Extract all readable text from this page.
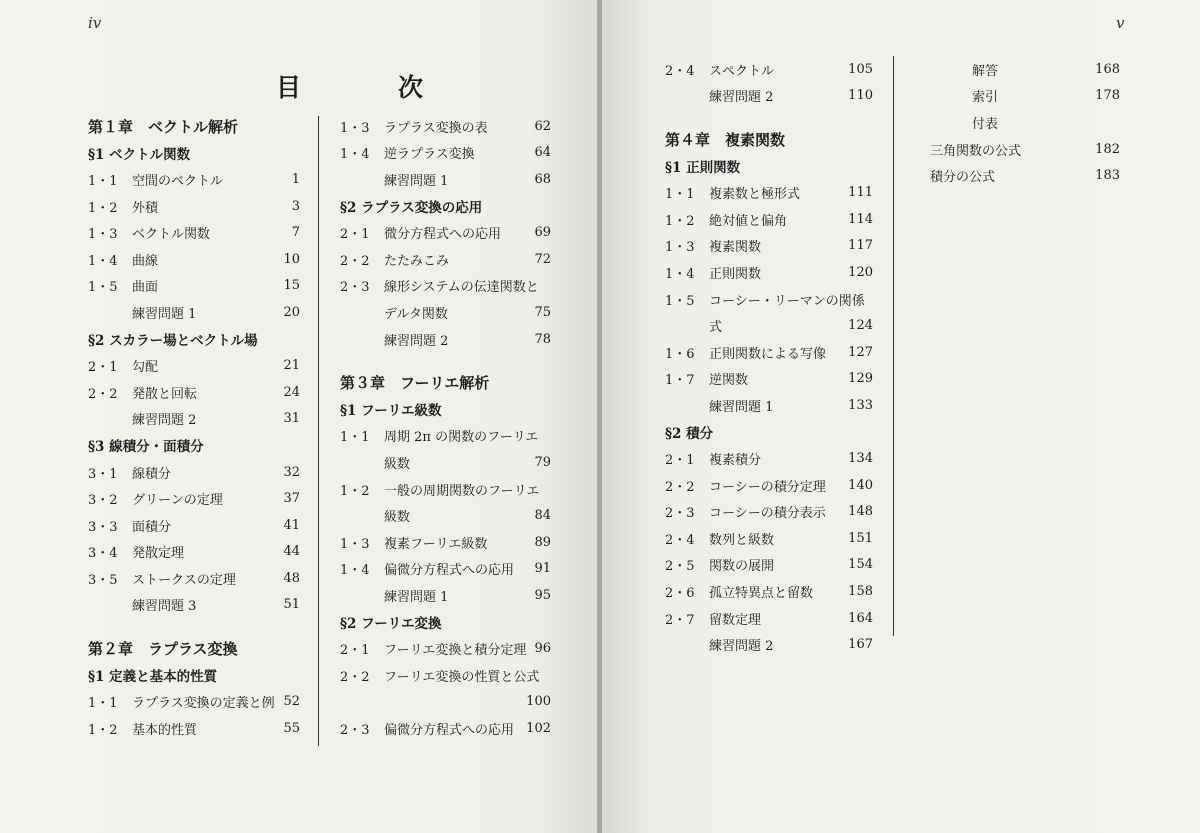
iv
目　次
v
第１章　ベクトル解析
§1 ベクトル関数
1・1	空間のベクトル	1
1・2	外積	3
1・3	ベクトル関数	7
1・4	曲線	10
1・5	曲面	15
練習問題 1	20
§2 スカラー場とベクトル場
2・1	勾配	21
2・2	発散と回転	24
練習問題 2	31
§3 線積分・面積分
3・1	線積分	32
3・2	グリーンの定理	37
3・3	面積分	41
3・4	発散定理	44
3・5	ストークスの定理	48
練習問題 3	51
第２章　ラプラス変換
§1 定義と基本的性質
1・1	ラプラス変換の定義と例 52
1・2	基本的性質	55
1・3	ラプラス変換の表	62
1・4	逆ラプラス変換	64
練習問題 1	68
§2 ラプラス変換の応用
2・1	微分方程式への応用	69
2・2	たたみこみ	72
2・3	線形システムの伝達関数と
デルタ関数	75
練習問題 2	78
第３章　フーリエ解析
§1 フーリエ級数
1・1	周期 2π の関数のフーリエ
級数	79
1・2	一般の周期関数のフーリエ
級数	84
1・3	複素フーリエ級数	89
1・4	偏微分方程式への応用 91
練習問題 1	95
§2 フーリエ変換
2・1	フーリエ変換と積分定理 96
2・2	フーリエ変換の性質と公式
100
2・3	偏微分方程式への応用 102
2・4	スペクトル	105
練習問題 2	110
第４章　複素関数
§1 正則関数
1・1	複素数と極形式	111
1・2	絶対値と偏角	114
1・3	複素関数	117
1・4	正則関数	120
1・5	コーシー・リーマンの関係
式	124
1・6	正則関数による写像 127
1・7	逆関数	129
練習問題 1	133
§2 積分
2・1	複素積分	134
2・2	コーシーの積分定理 140
2・3	コーシーの積分表示 148
2・4	数列と級数	151
2・5	関数の展開	154
2・6	孤立特異点と留数	158
2・7	留数定理	164
練習問題 2	167
解答	168
索引	178
付表
三角関数の公式	182
積分の公式	183
